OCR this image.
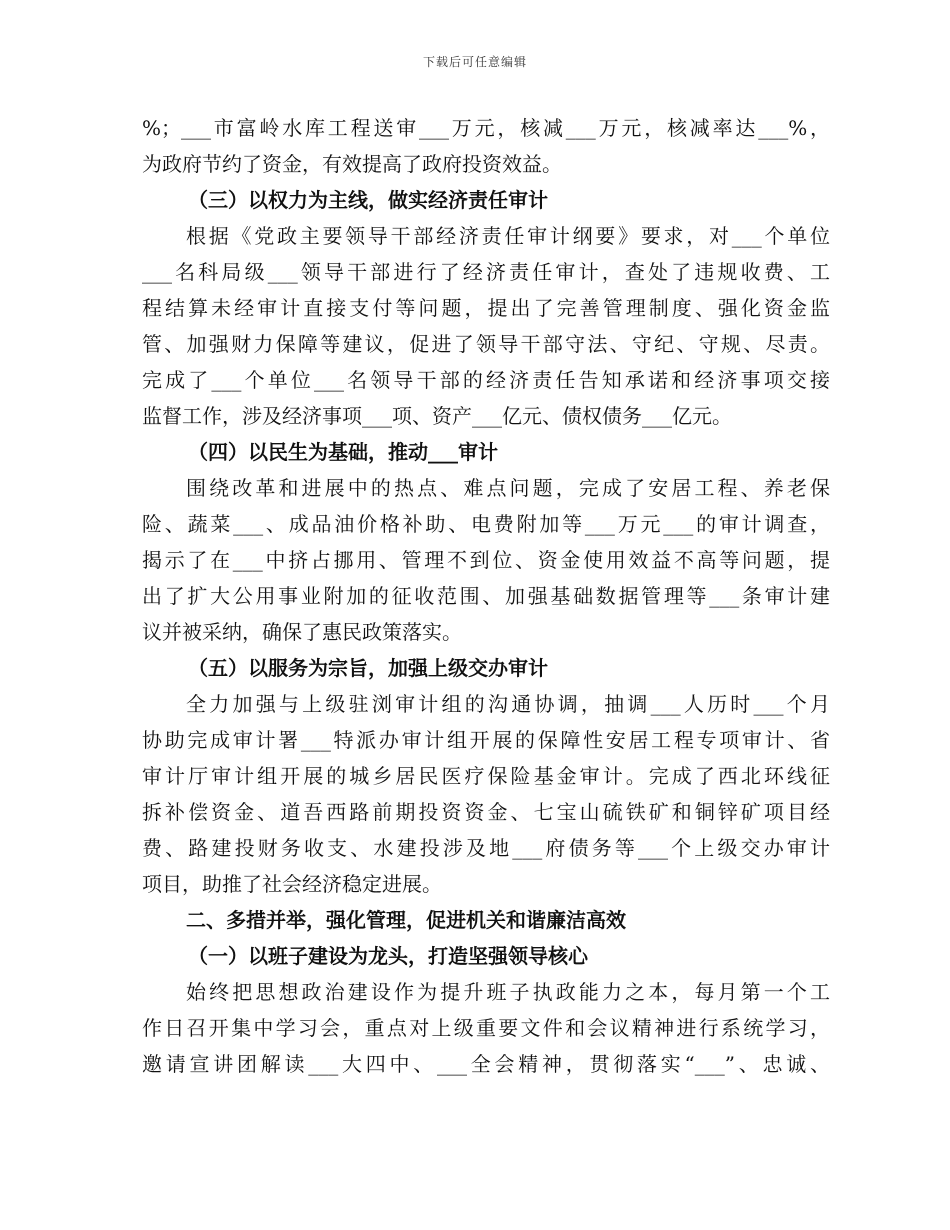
下载后可任意编辑
%；___市富岭水库工程送审___万元，核减___万元，核减率达___%，
为政府节约了资金，有效提高了政府投资效益。
（三）以权力为主线，做实经济责任审计
根据《党政主要领导干部经济责任审计纲要》要求，对___个单位
___名科局级___领导干部进行了经济责任审计，查处了违规收费、工
程结算未经审计直接支付等问题，提出了完善管理制度、强化资金监
管、加强财力保障等建议，促进了领导干部守法、守纪、守规、尽责。
完成了___个单位___名领导干部的经济责任告知承诺和经济事项交接
监督工作，涉及经济事项___项、资产___亿元、债权债务___亿元。
（四）以民生为基础，推动___审计
围绕改革和进展中的热点、难点问题，完成了安居工程、养老保
险、蔬菜___、成品油价格补助、电费附加等___万元___的审计调查，
揭示了在___中挤占挪用、管理不到位、资金使用效益不高等问题，提
出了扩大公用事业附加的征收范围、加强基础数据管理等___条审计建
议并被采纳，确保了惠民政策落实。
（五）以服务为宗旨，加强上级交办审计
全力加强与上级驻浏审计组的沟通协调，抽调___人历时___个月
协助完成审计署___特派办审计组开展的保障性安居工程专项审计、省
审计厅审计组开展的城乡居民医疗保险基金审计。完成了西北环线征
拆补偿资金、道吾西路前期投资资金、七宝山硫铁矿和铜锌矿项目经
费、路建投财务收支、水建投涉及地___府债务等___个上级交办审计
项目，助推了社会经济稳定进展。
二、多措并举，强化管理，促进机关和谐廉洁高效
（一）以班子建设为龙头，打造坚强领导核心
始终把思想政治建设作为提升班子执政能力之本，每月第一个工
作日召开集中学习会，重点对上级重要文件和会议精神进行系统学习，
邀请宣讲团解读___大四中、___全会精神，贯彻落实“___”、忠诚、
